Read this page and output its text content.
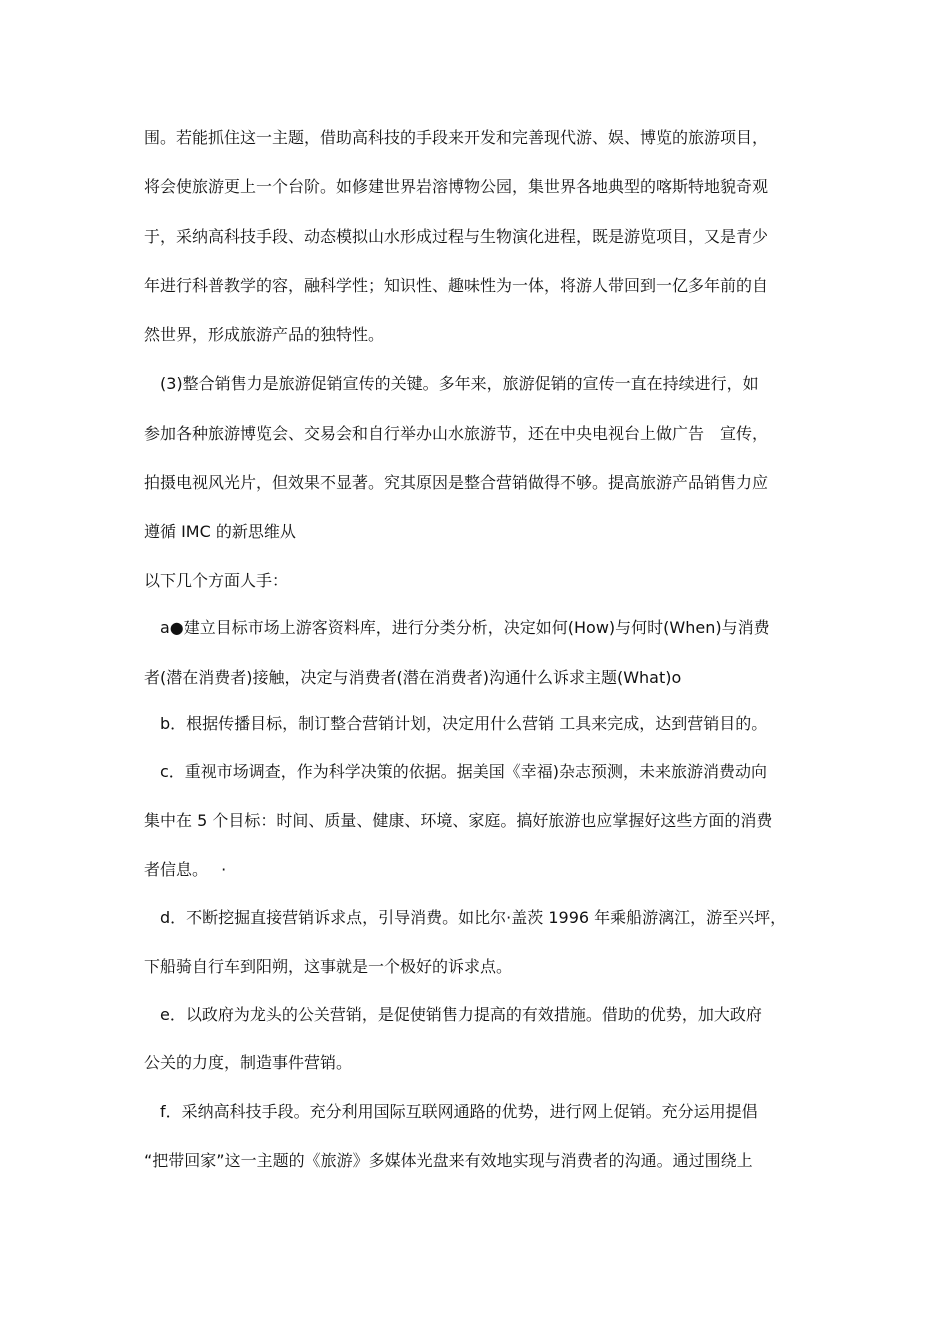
围。若能抓住这一主题，借助高科技的手段来开发和完善现代游、娱、博览的旅游项目，
将会使旅游更上一个台阶。如修建世界岩溶博物公园，集世界各地典型的喀斯特地貌奇观
于，采纳高科技手段、动态模拟山水形成过程与生物演化进程，既是游览项目，又是青少
年进行科普教学的容，融科学性；知识性、趣味性为一体，将游人带回到一亿多年前的自
然世界，形成旅游产品的独特性。
　(3)整合销售力是旅游促销宣传的关键。多年来，旅游促销的宣传一直在持续进行，如
参加各种旅游博览会、交易会和自行举办山水旅游节，还在中央电视台上做广告　宣传，
拍摄电视风光片，但效果不显著。究其原因是整合营销做得不够。提高旅游产品销售力应
遵循 IMC 的新思维从
以下几个方面人手：
　a●建立目标市场上游客资料库，进行分类分析，决定如何(How)与何时(When)与消费
者(潜在消费者)接触，决定与消费者(潜在消费者)沟通什么诉求主题(What)o
　b．根据传播目标，制订整合营销计划，决定用什么营销 工具来完成，达到营销目的。
　c．重视市场调查，作为科学决策的依据。据美国《幸福)杂志预测，未来旅游消费动向
集中在 5 个目标：时间、质量、健康、环境、家庭。搞好旅游也应掌握好这些方面的消费
者信息。　 ·
　d．不断挖掘直接营销诉求点，引导消费。如比尔·盖茨 1996 年乘船游漓江，游至兴坪，
下船骑自行车到阳朔，这事就是一个极好的诉求点。
　e．以政府为龙头的公关营销，是促使销售力提高的有效措施。借助的优势，加大政府
公关的力度，制造事件营销。
　f．采纳高科技手段。充分利用国际互联网通路的优势，进行网上促销。充分运用提倡
“把带回家”这一主题的《旅游》多媒体光盘来有效地实现与消费者的沟通。通过围绕上
